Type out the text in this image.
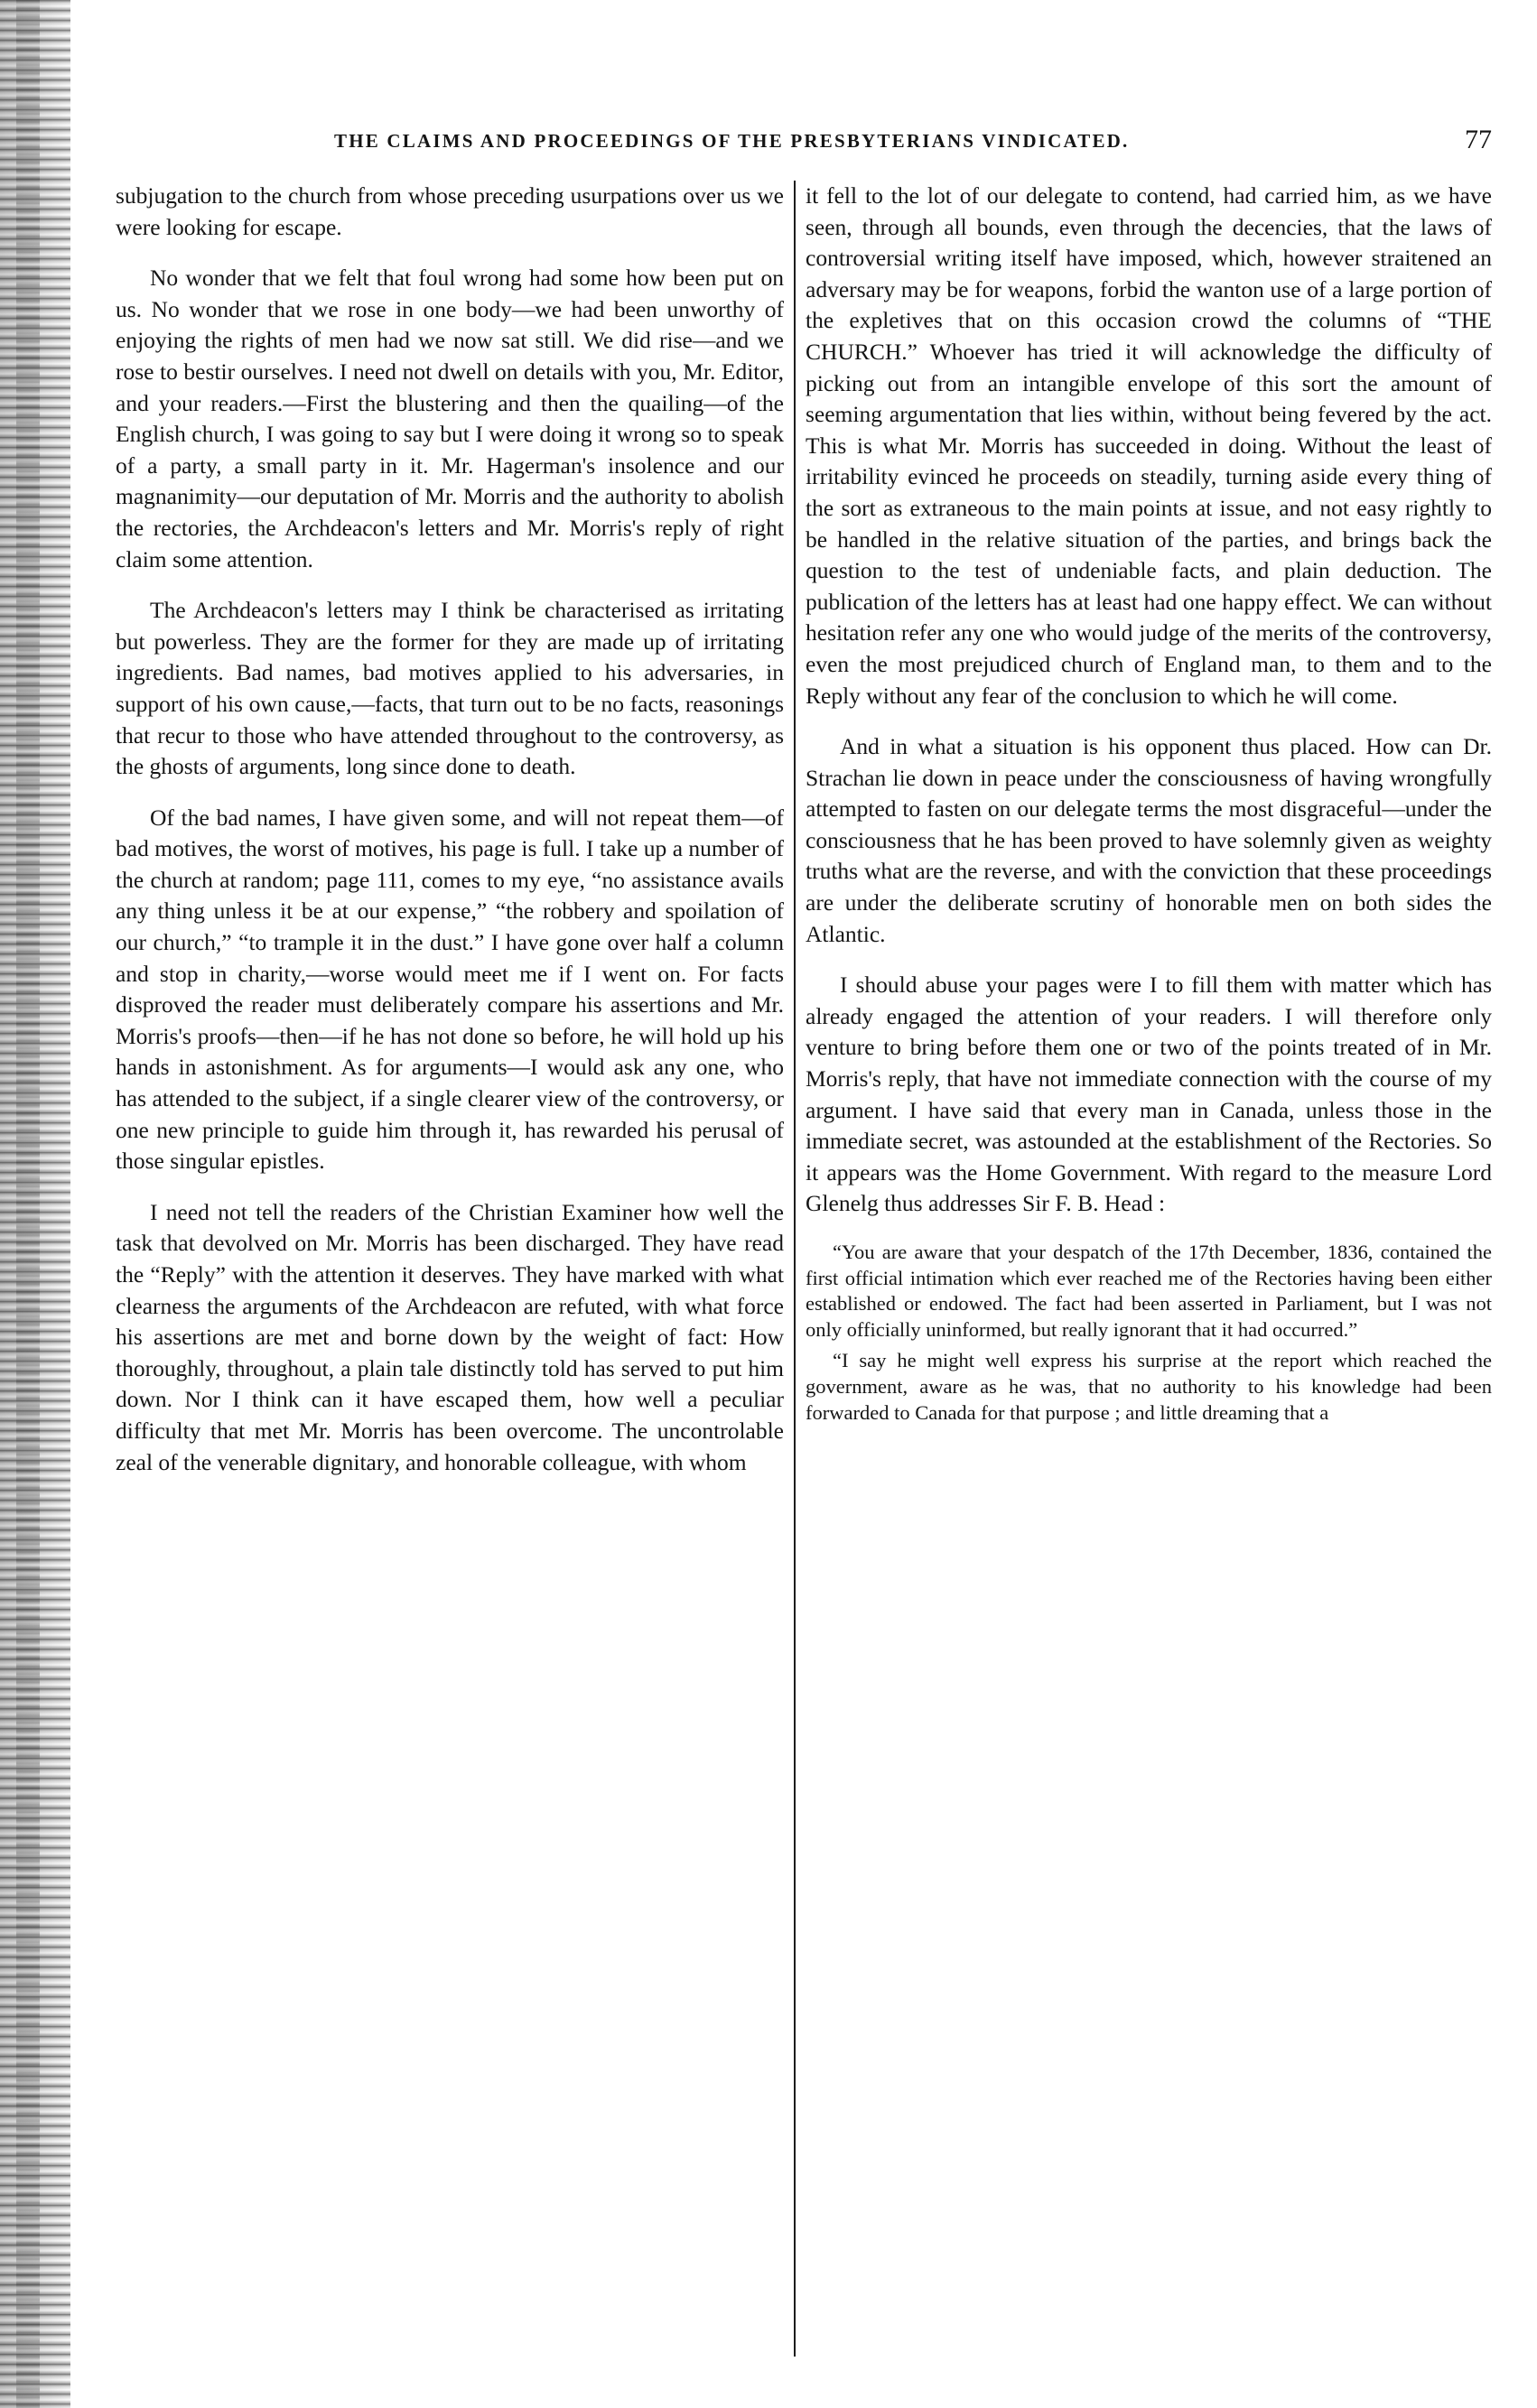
THE CLAIMS AND PROCEEDINGS OF THE PRESBYTERIANS VINDICATED.	77

subjugation to the church from whose preceding usurpations over us we were looking for escape.

No wonder that we felt that foul wrong had some how been put on us. No wonder that we rose in one body—we had been unworthy of enjoying the rights of men had we now sat still. We did rise—and we rose to bestir ourselves. I need not dwell on details with you, Mr. Editor, and your readers.—First the blustering and then the quailing—of the English church, I was going to say but I were doing it wrong so to speak of a party, a small party in it. Mr. Hagerman's insolence and our magnanimity—our deputation of Mr. Morris and the authority to abolish the rectories, the Archdeacon's letters and Mr. Morris's reply of right claim some attention.

The Archdeacon's letters may I think be characterised as irritating but powerless. They are the former for they are made up of irritating ingredients. Bad names, bad motives applied to his adversaries, in support of his own cause,—facts, that turn out to be no facts, reasonings that recur to those who have attended throughout to the controversy, as the ghosts of arguments, long since done to death.

Of the bad names, I have given some, and will not repeat them—of bad motives, the worst of motives, his page is full. I take up a number of the church at random; page 111, comes to my eye, “no assistance avails any thing unless it be at our expense,” “the robbery and spoilation of our church,” “to trample it in the dust.” I have gone over half a column and stop in charity,—worse would meet me if I went on. For facts disproved the reader must deliberately compare his assertions and Mr. Morris's proofs—then—if he has not done so before, he will hold up his hands in astonishment. As for arguments—I would ask any one, who has attended to the subject, if a single clearer view of the controversy, or one new principle to guide him through it, has rewarded his perusal of those singular epistles.

I need not tell the readers of the Christian Examiner how well the task that devolved on Mr. Morris has been discharged. They have read the “Reply” with the attention it deserves. They have marked with what clearness the arguments of the Archdeacon are refuted, with what force his assertions are met and borne down by the weight of fact: How thoroughly, throughout, a plain tale distinctly told has served to put him down. Nor I think can it have escaped them, how well a peculiar difficulty that met Mr. Morris has been overcome. The uncontrolable zeal of the venerable dignitary, and honorable colleague, with whom

it fell to the lot of our delegate to contend, had carried him, as we have seen, through all bounds, even through the decencies, that the laws of controversial writing itself have imposed, which, however straitened an adversary may be for weapons, forbid the wanton use of a large portion of the expletives that on this occasion crowd the columns of “THE CHURCH.” Whoever has tried it will acknowledge the difficulty of picking out from an intangible envelope of this sort the amount of seeming argumentation that lies within, without being fevered by the act. This is what Mr. Morris has succeeded in doing. Without the least of irritability evinced he proceeds on steadily, turning aside every thing of the sort as extraneous to the main points at issue, and not easy rightly to be handled in the relative situation of the parties, and brings back the question to the test of undeniable facts, and plain deduction. The publication of the letters has at least had one happy effect. We can without hesitation refer any one who would judge of the merits of the controversy, even the most prejudiced church of England man, to them and to the Reply without any fear of the conclusion to which he will come.

And in what a situation is his opponent thus placed. How can Dr. Strachan lie down in peace under the consciousness of having wrongfully attempted to fasten on our delegate terms the most disgraceful—under the consciousness that he has been proved to have solemnly given as weighty truths what are the reverse, and with the conviction that these proceedings are under the deliberate scrutiny of honorable men on both sides the Atlantic.

I should abuse your pages were I to fill them with matter which has already engaged the attention of your readers. I will therefore only venture to bring before them one or two of the points treated of in Mr. Morris's reply, that have not immediate connection with the course of my argument. I have said that every man in Canada, unless those in the immediate secret, was astounded at the establishment of the Rectories. So it appears was the Home Government. With regard to the measure Lord Glenelg thus addresses Sir F. B. Head :

“You are aware that your despatch of the 17th December, 1836, contained the first official intimation which ever reached me of the Rectories having been either established or endowed. The fact had been asserted in Parliament, but I was not only officially uninformed, but really ignorant that it had occurred.”

“I say he might well express his surprise at the report which reached the government, aware as he was, that no authority to his knowledge had been forwarded to Canada for that purpose ; and little dreaming that a
